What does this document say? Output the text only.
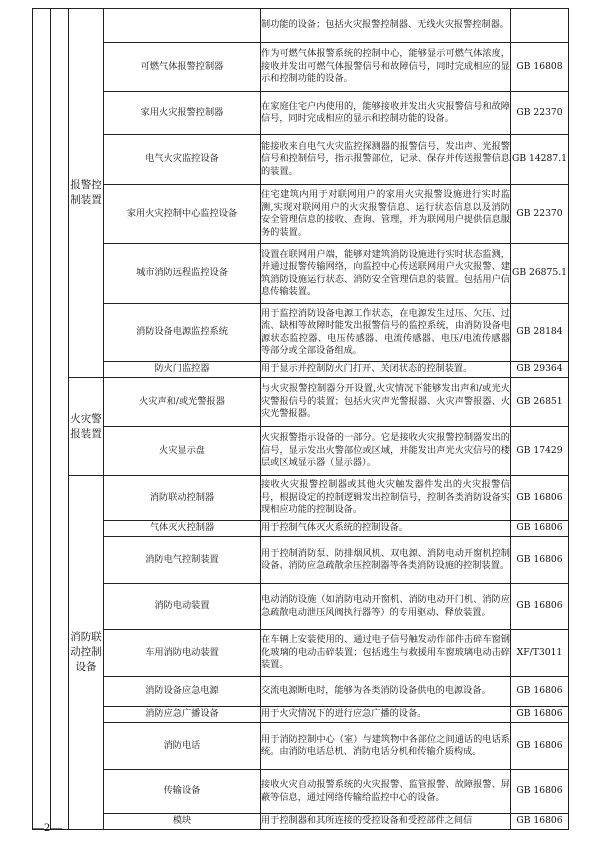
		报警控制装置		制功能的设备；包括火灾报警控制器、无线火灾报警控制器。	
			可燃气体报警控制器	作为可燃气体报警系统的控制中心，能够显示可燃气体浓度，接收并发出可燃气体报警信号和故障信号，同时完成相应的显示和控制功能的设备。	GB 16808
			家用火灾报警控制器	在家庭住宅户内使用的，能够接收并发出火灾报警信号和故障信号，同时完成相应的显示和控制功能的设备。	GB 22370
			电气火灾监控设备	能接收来自电气火灾监控探测器的报警信号，发出声、光报警信号和控制信号，指示报警部位，记录、保存并传送报警信息的装置。	GB 14287.1
			家用火灾控制中心监控设备	住宅建筑内用于对联网用户的家用火灾报警设施进行实时监测,实现对联网用户的火灾报警信息、运行状态信息以及消防安全管理信息的接收、查询、管理，并为联网用户提供信息服务的装置。	GB 22370
			城市消防远程监控设备	设置在联网用户端，能够对建筑消防设施进行实时状态监测，并通过报警传输网络，向监控中心传送联网用户火灾报警、建筑消防设施运行状态、消防安全管理信息的装置。包括用户信息传输装置。	GB 26875.1
			消防设备电源监控系统	用于监控消防设备电源工作状态，在电源发生过压、欠压、过流、缺相等故障时能发出报警信号的监控系统，由消防设备电源状态监控器、电压传感器、电流传感器、电压/电流传感器等部分或全部设备组成。	GB 28184
			防火门监控器	用于显示并控制防火门打开、关闭状态的控制装置。	GB 29364

		火灾警报装置	火灾声和/或光警报器	与火灾报警控制器分开设置,火灾情况下能够发出声和/或光火灾警报信号的装置；包括火灾声光警报器、火灾声警报器、火灾光警报器。	GB 26851
			火灾显示盘	火灾报警指示设备的一部分。它是接收火灾报警控制器发出的信号，显示发出火警部位或区域，并能发出声光火灾信号的楼层或区域显示器（显示器）。	GB 17429

		消防联动控制设备	消防联动控制器	接收火灾报警控制器或其他火灾触发器件发出的火灾报警信号，根据设定的控制逻辑发出控制信号，控制各类消防设备实现相应功能的控制设备。	GB 16806
			气体灭火控制器	用于控制气体灭火系统的控制设备。	GB 16806
			消防电气控制装置	用于控制消防泵、防排烟风机、双电源、消防电动开窗机控制设备、消防应急疏散余压控制器等各类消防设施的控制装置。	GB 16806
			消防电动装置	电动消防设施（如消防电动开窗机、消防电动开门机、消防应急疏散电动泄压风阀执行器等）的专用驱动、释放装置。	GB 16806
			车用消防电动装置	在车辆上安装使用的、通过电子信号触发动作部件击碎车窗钢化玻璃的电动击碎装置；包括逃生与救援用车窗玻璃电动击碎装置。	XF/T3011
			消防设备应急电源	交流电源断电时，能够为各类消防设备供电的电源设备。	GB 16806
			消防应急广播设备	用于火灾情况下的进行应急广播的设备。	GB 16806
			消防电话	用于消防控制中心（室）与建筑物中各部位之间通话的电话系统。由消防电话总机、消防电话分机和传输介质构成。	GB 16806
			传输设备	接收火灾自动报警系统的火灾报警、监管报警、故障报警、屏蔽等信息，通过网络传输给监控中心的设备。	GB 16806
			模块	用于控制器和其所连接的受控设备和受控部件之间信	GB 16806
—2—
